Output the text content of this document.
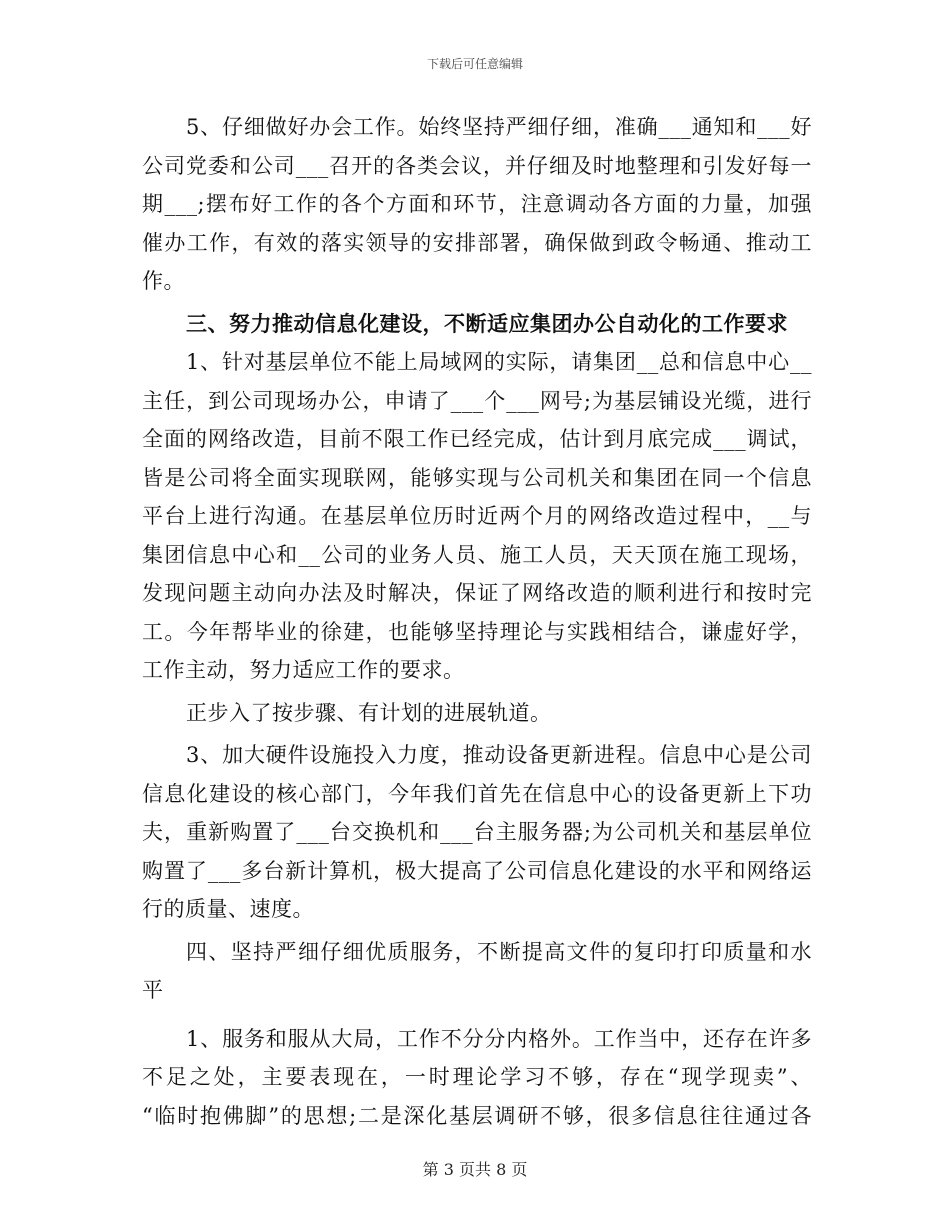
下载后可任意编辑
5、仔细做好办会工作。始终坚持严细仔细，准确___通知和___好
公司党委和公司___召开的各类会议，并仔细及时地整理和引发好每一
期___;摆布好工作的各个方面和环节，注意调动各方面的力量，加强
催办工作，有效的落实领导的安排部署，确保做到政令畅通、推动工
作。
三、努力推动信息化建设，不断适应集团办公自动化的工作要求
1、针对基层单位不能上局域网的实际，请集团__总和信息中心__
主任，到公司现场办公，申请了___个___网号;为基层铺设光缆，进行
全面的网络改造，目前不限工作已经完成，估计到月底完成___调试，
皆是公司将全面实现联网，能够实现与公司机关和集团在同一个信息
平台上进行沟通。在基层单位历时近两个月的网络改造过程中，__与
集团信息中心和__公司的业务人员、施工人员，天天顶在施工现场，
发现问题主动向办法及时解决，保证了网络改造的顺利进行和按时完
工。今年帮毕业的徐建，也能够坚持理论与实践相结合，谦虚好学，
工作主动，努力适应工作的要求。
正步入了按步骤、有计划的进展轨道。
3、加大硬件设施投入力度，推动设备更新进程。信息中心是公司
信息化建设的核心部门，今年我们首先在信息中心的设备更新上下功
夫，重新购置了___台交换机和___台主服务器;为公司机关和基层单位
购置了___多台新计算机，极大提高了公司信息化建设的水平和网络运
行的质量、速度。
四、坚持严细仔细优质服务，不断提高文件的复印打印质量和水
平
1、服务和服从大局，工作不分分内格外。工作当中，还存在许多
不足之处，主要表现在，一时理论学习不够，存在“现学现卖”、
“临时抱佛脚”的思想;二是深化基层调研不够，很多信息往往通过各
第 3 页共 8 页
